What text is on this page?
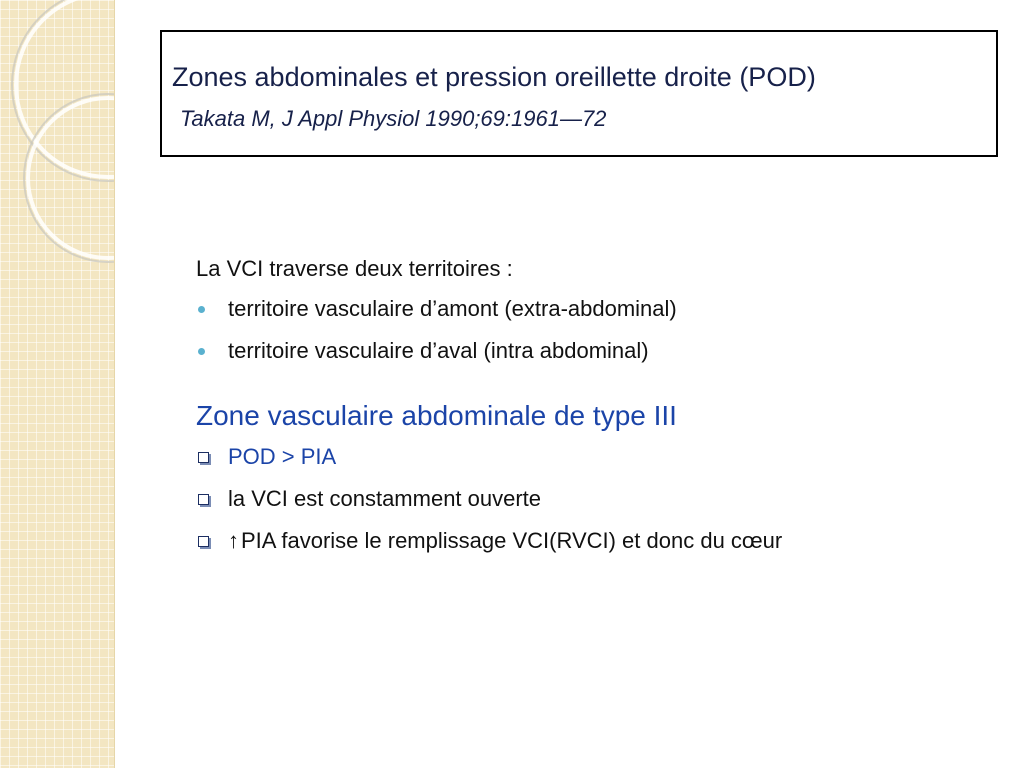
Zones abdominales et pression oreillette droite (POD)
Takata M, J Appl Physiol 1990;69:1961—72

La VCI traverse deux territoires :

territoire vasculaire d’amont (extra-abdominal)
territoire vasculaire d’aval (intra abdominal)
Zone vasculaire abdominale de type III
POD > PIA
la VCI est constamment ouverte
↑PIA favorise le remplissage VCI(RVCI) et donc du cœur
